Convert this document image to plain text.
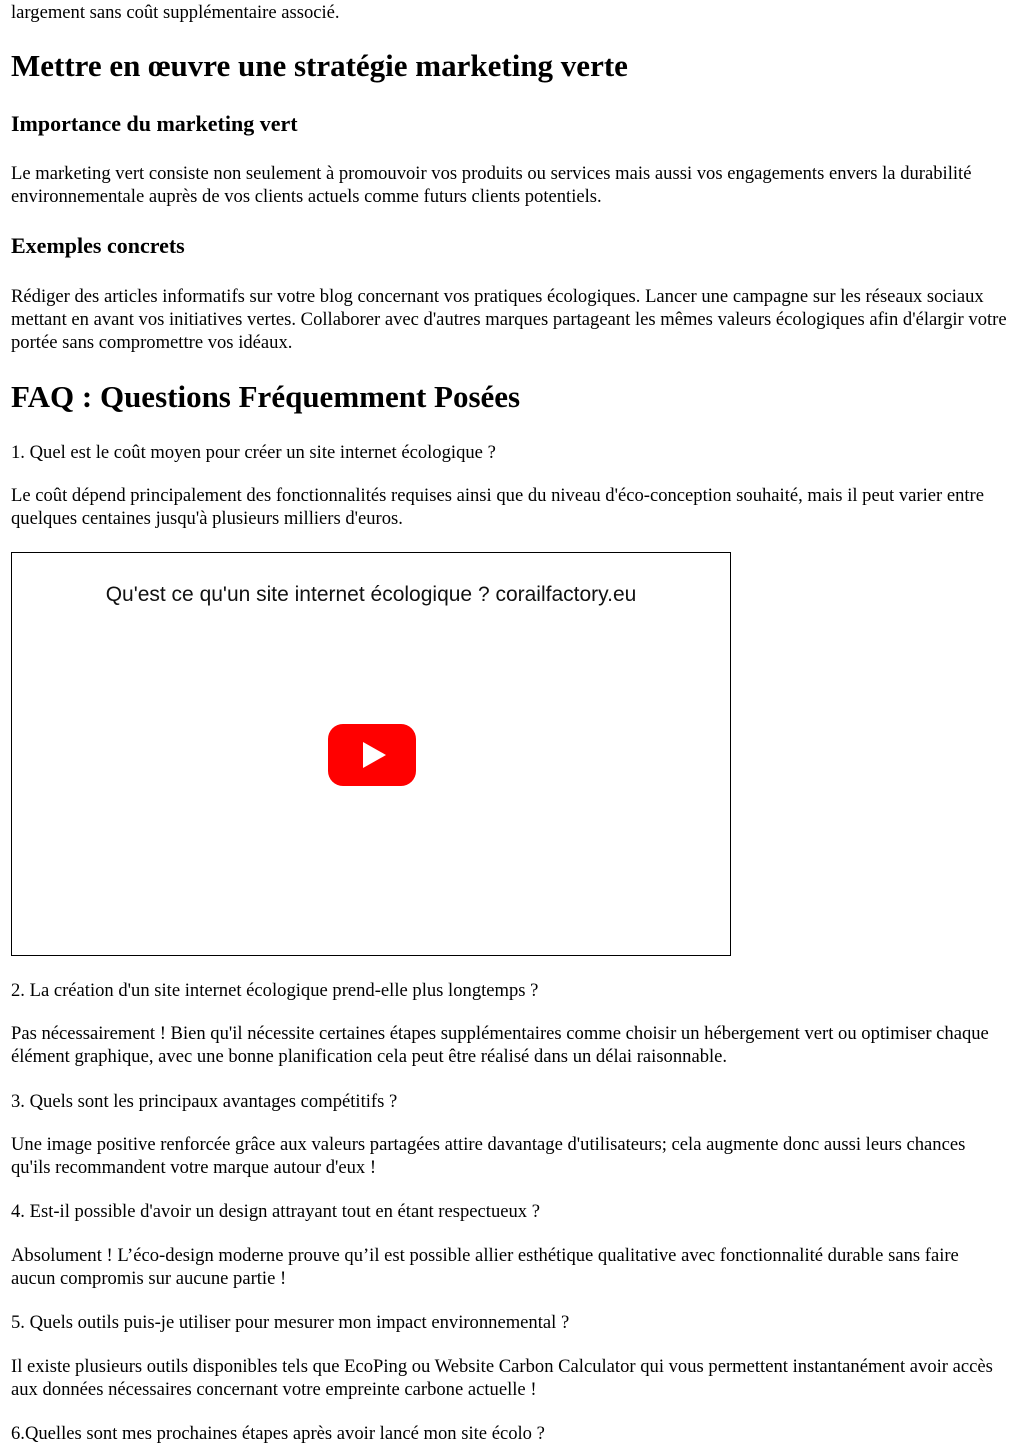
largement sans coût supplémentaire associé.

Mettre en œuvre une stratégie marketing verte
Importance du marketing vert

Le marketing vert consiste non seulement à promouvoir vos produits ou services mais aussi vos engagements envers la durabilité environnementale auprès de vos clients actuels comme futurs clients potentiels.

Exemples concrets

Rédiger des articles informatifs sur votre blog concernant vos pratiques écologiques. Lancer une campagne sur les réseaux sociaux mettant en avant vos initiatives vertes. Collaborer avec d'autres marques partageant les mêmes valeurs écologiques afin d'élargir votre portée sans compromettre vos idéaux.

FAQ : Questions Fréquemment Posées

1. Quel est le coût moyen pour créer un site internet écologique ?

Le coût dépend principalement des fonctionnalités requises ainsi que du niveau d'éco-conception souhaité, mais il peut varier entre quelques centaines jusqu'à plusieurs milliers d'euros.

Qu'est ce qu'un site internet écologique ? corailfactory.eu

2. La création d'un site internet écologique prend-elle plus longtemps ?

Pas nécessairement ! Bien qu'il nécessite certaines étapes supplémentaires comme choisir un hébergement vert ou optimiser chaque élément graphique, avec une bonne planification cela peut être réalisé dans un délai raisonnable.

3. Quels sont les principaux avantages compétitifs ?

Une image positive renforcée grâce aux valeurs partagées attire davantage d'utilisateurs; cela augmente donc aussi leurs chances qu'ils recommandent votre marque autour d'eux !

4. Est-il possible d'avoir un design attrayant tout en étant respectueux ?

Absolument ! L’éco-design moderne prouve qu’il est possible allier esthétique qualitative avec fonctionnalité durable sans faire aucun compromis sur aucune partie !

5. Quels outils puis-je utiliser pour mesurer mon impact environnemental ?

Il existe plusieurs outils disponibles tels que EcoPing ou Website Carbon Calculator qui vous permettent instantanément avoir accès aux données nécessaires concernant votre empreinte carbone actuelle !

6.Quelles sont mes prochaines étapes après avoir lancé mon site écolo ?
